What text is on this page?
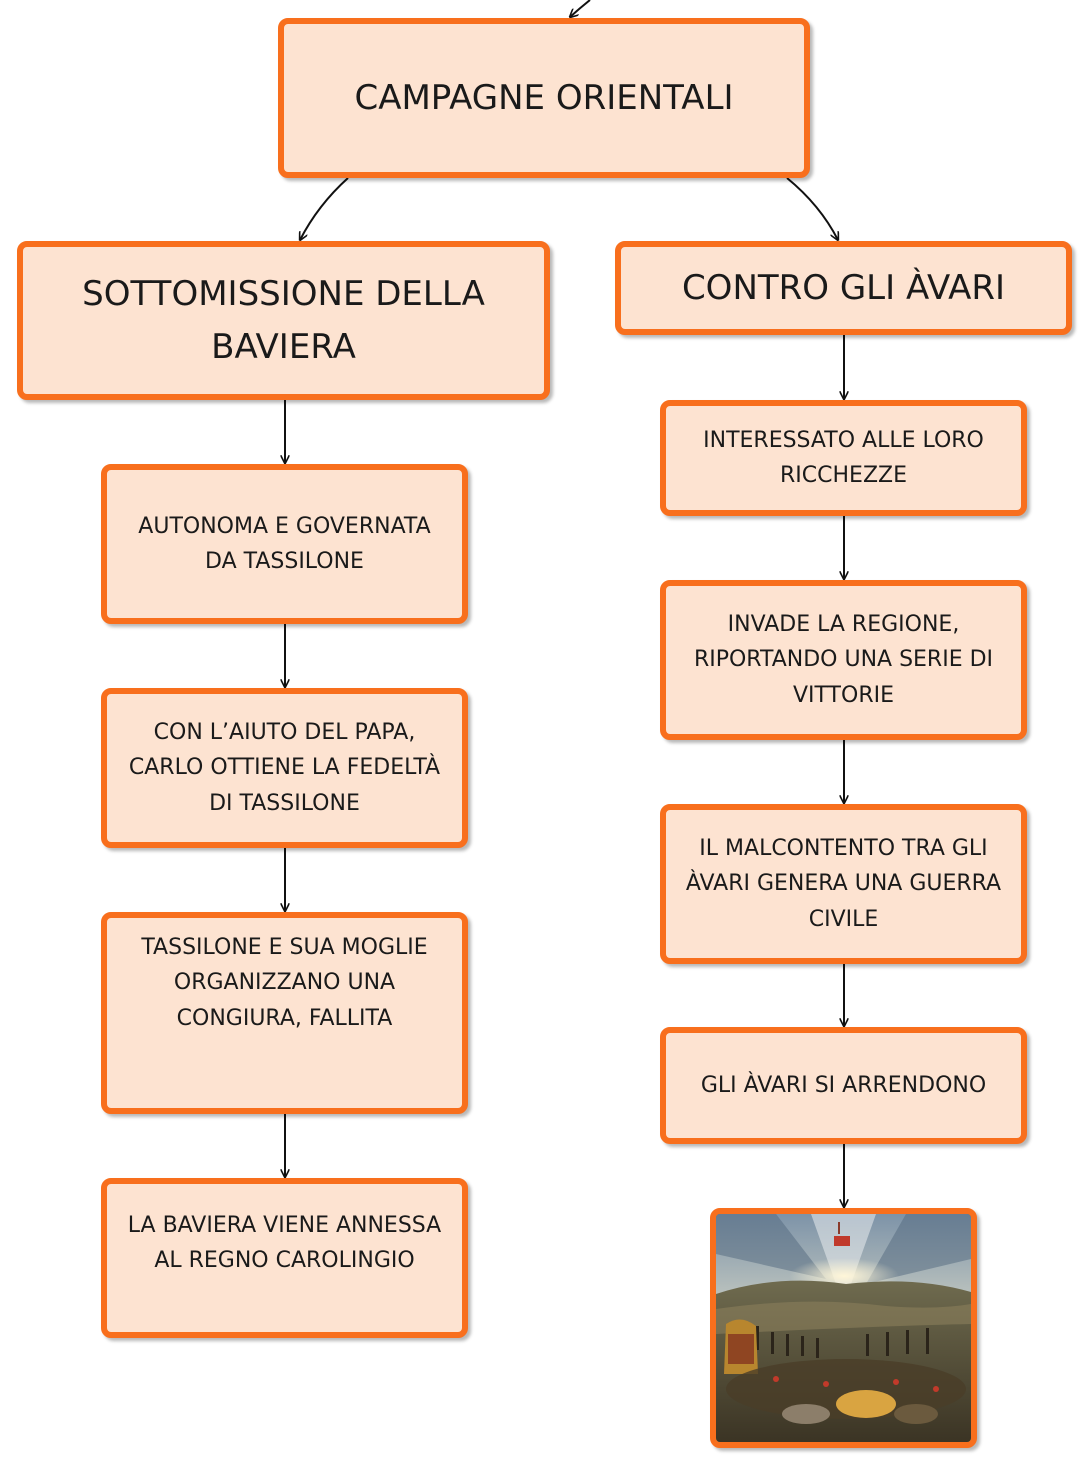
CAMPAGNE ORIENTALI
SOTTOMISSIONE DELLA
BAVIERA
CONTRO GLI ÀVARI
AUTONOMA E GOVERNATA
DA TASSILONE
CON L’AIUTO DEL PAPA,
CARLO OTTIENE LA FEDELTÀ
DI TASSILONE
TASSILONE E SUA MOGLIE
ORGANIZZANO UNA
CONGIURA, FALLITA
LA BAVIERA VIENE ANNESSA
AL REGNO CAROLINGIO
INTERESSATO ALLE LORO
RICCHEZZE
INVADE LA REGIONE,
RIPORTANDO UNA SERIE DI
VITTORIE
IL MALCONTENTO TRA GLI
ÀVARI GENERA UNA GUERRA
CIVILE
GLI ÀVARI SI ARRENDONO
